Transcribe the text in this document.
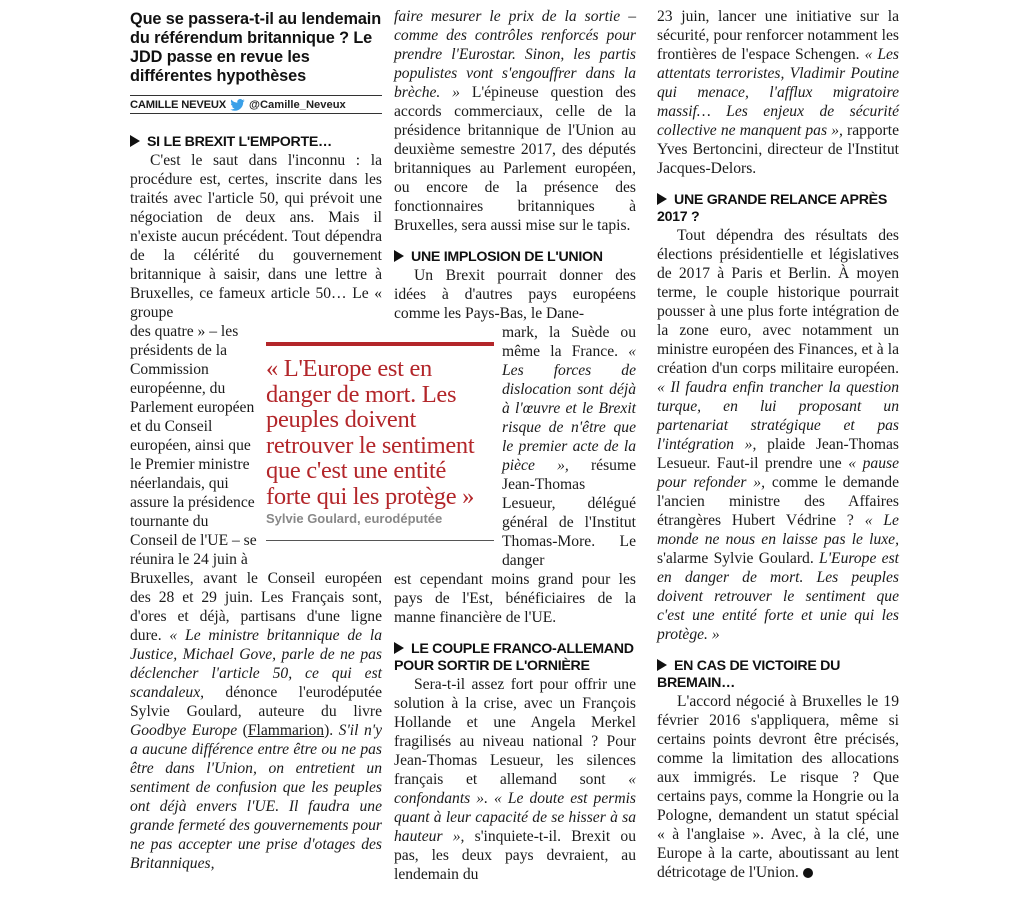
Que se passera-t-il au lendemain du référendum britannique ? Le JDD passe en revue les différentes hypothèses
CAMILLE NEVEUX @Camille_Neveux
SI LE BREXIT L'EMPORTE…

C'est le saut dans l'inconnu : la procédure est, certes, inscrite dans les traités avec l'article 50, qui prévoit une négociation de deux ans. Mais il n'existe aucun précédent. Tout dépendra de la célérité du gouvernement britannique à saisir, dans une lettre à Bruxelles, ce fameux article 50… Le « groupe

des quatre » – les présidents de la Commission européenne, du Parlement européen et du Conseil européen, ainsi que le Premier ministre néerlandais, qui assure la présidence tournante du Conseil de l'UE – se réunira le 24 juin à

Bruxelles, avant le Conseil européen des 28 et 29 juin. Les Français sont, d'ores et déjà, partisans d'une ligne dure. « Le ministre britannique de la Justice, Michael Gove, parle de ne pas déclencher l'article 50, ce qui est scandaleux, dénonce l'eurodéputée Sylvie Goulard, auteure du livre Goodbye Europe (Flammarion). S'il n'y a aucune différence entre être ou ne pas être dans l'Union, on entretient un sentiment de confusion que les peuples ont déjà envers l'UE. Il faudra une grande fermeté des gouvernements pour ne pas accepter une prise d'otages des Britanniques,

« L'Europe est en danger de mort. Les peuples doivent retrouver le sentiment que c'est une entité forte qui les protège »
Sylvie Goulard, eurodéputée

faire mesurer le prix de la sortie – comme des contrôles renforcés pour prendre l'Eurostar. Sinon, les partis populistes vont s'engouffrer dans la brèche. » L'épineuse question des accords commerciaux, celle de la présidence britannique de l'Union au deuxième semestre 2017, des députés britanniques au Parlement européen, ou encore de la présence des fonctionnaires britanniques à Bruxelles, sera aussi mise sur le tapis.

UNE IMPLOSION DE L'UNION

Un Brexit pourrait donner des idées à d'autres pays européens comme les Pays-Bas, le Dane-

mark, la Suède ou même la France. « Les forces de dislocation sont déjà à l'œuvre et le Brexit risque de n'être que le premier acte de la pièce », résume Jean-Thomas Lesueur, délégué général de l'Institut Thomas-More. Le danger

est cependant moins grand pour les pays de l'Est, bénéficiaires de la manne financière de l'UE.

LE COUPLE FRANCO-ALLEMAND POUR SORTIR DE L'ORNIÈRE

Sera-t-il assez fort pour offrir une solution à la crise, avec un François Hollande et une Angela Merkel fragilisés au niveau national ? Pour Jean-Thomas Lesueur, les silences français et allemand sont « confondants ». « Le doute est permis quant à leur capacité de se hisser à sa hauteur », s'inquiete-t-il. Brexit ou pas, les deux pays devraient, au lendemain du

23 juin, lancer une initiative sur la sécurité, pour renforcer notamment les frontières de l'espace Schengen. « Les attentats terroristes, Vladimir Poutine qui menace, l'afflux migratoire massif… Les enjeux de sécurité collective ne manquent pas », rapporte Yves Bertoncini, directeur de l'Institut Jacques-Delors.

UNE GRANDE RELANCE APRÈS 2017 ?

Tout dépendra des résultats des élections présidentielle et législatives de 2017 à Paris et Berlin. À moyen terme, le couple historique pourrait pousser à une plus forte intégration de la zone euro, avec notamment un ministre européen des Finances, et à la création d'un corps militaire européen. « Il faudra enfin trancher la question turque, en lui proposant un partenariat stratégique et pas l'intégration », plaide Jean-Thomas Lesueur. Faut-il prendre une « pause pour refonder », comme le demande l'ancien ministre des Affaires étrangères Hubert Védrine ? « Le monde ne nous en laisse pas le luxe, s'alarme Sylvie Goulard. L'Europe est en danger de mort. Les peuples doivent retrouver le sentiment que c'est une entité forte et unie qui les protège. »

EN CAS DE VICTOIRE DU BREMAIN…

L'accord négocié à Bruxelles le 19 février 2016 s'appliquera, même si certains points devront être précisés, comme la limitation des allocations aux immigrés. Le risque ? Que certains pays, comme la Hongrie ou la Pologne, demandent un statut spécial « à l'anglaise ». Avec, à la clé, une Europe à la carte, aboutissant au lent détricotage de l'Union.
